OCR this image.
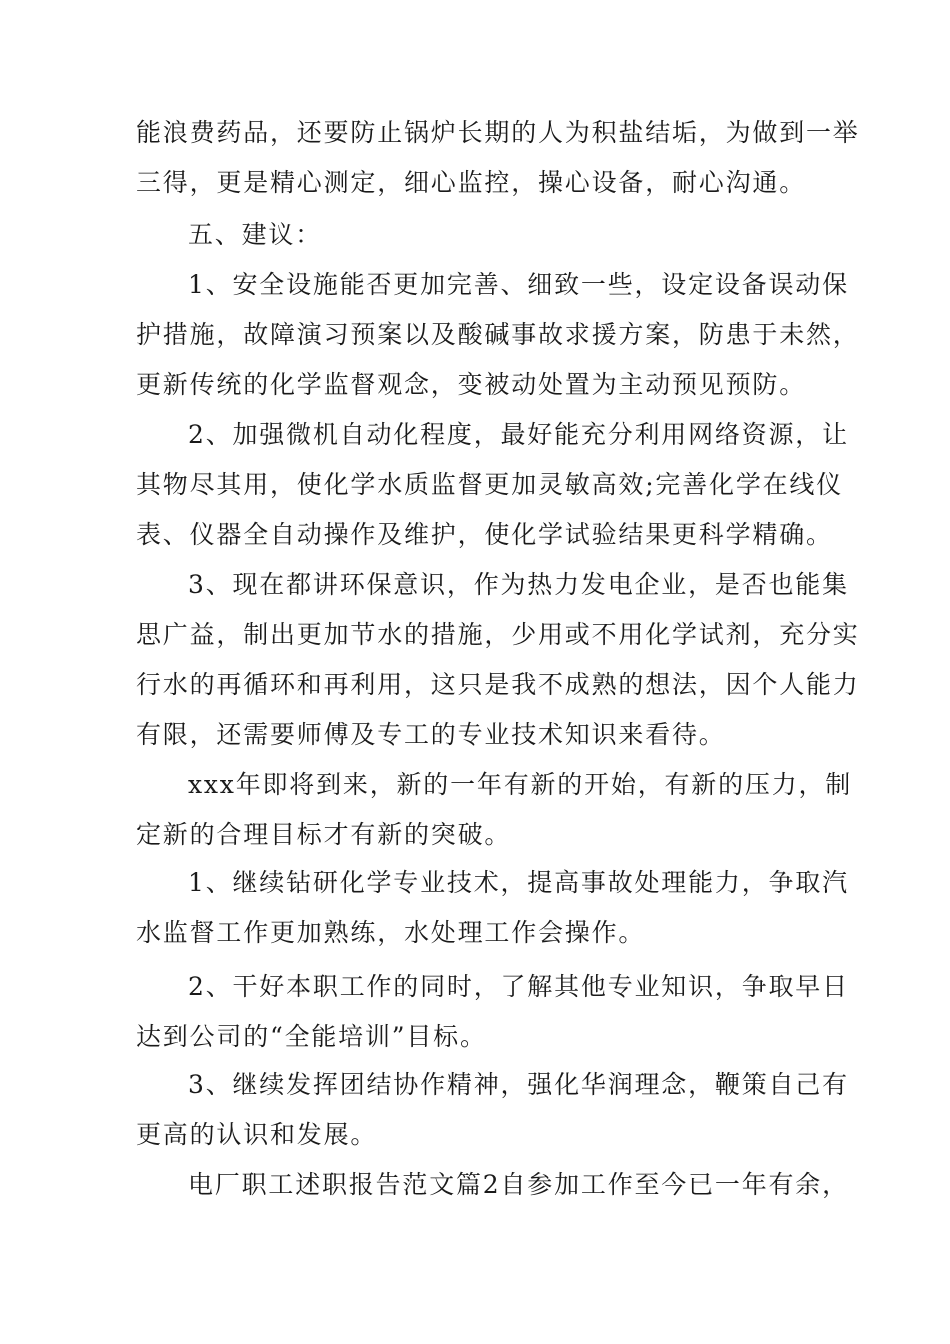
能浪费药品，还要防止锅炉长期的人为积盐结垢，为做到一举
三得，更是精心测定，细心监控，操心设备，耐心沟通。
五、建议：
1、安全设施能否更加完善、细致一些，设定设备误动保
护措施，故障演习预案以及酸碱事故求援方案，防患于未然，
更新传统的化学监督观念，变被动处置为主动预见预防。
2、加强微机自动化程度，最好能充分利用网络资源，让
其物尽其用，使化学水质监督更加灵敏高效;完善化学在线仪
表、仪器全自动操作及维护，使化学试验结果更科学精确。
3、现在都讲环保意识，作为热力发电企业，是否也能集
思广益，制出更加节水的措施，少用或不用化学试剂，充分实
行水的再循环和再利用，这只是我不成熟的想法，因个人能力
有限，还需要师傅及专工的专业技术知识来看待。
xxx年即将到来，新的一年有新的开始，有新的压力，制
定新的合理目标才有新的突破。
1、继续钻研化学专业技术，提高事故处理能力，争取汽
水监督工作更加熟练，水处理工作会操作。
2、干好本职工作的同时，了解其他专业知识，争取早日
达到公司的“全能培训”目标。
3、继续发挥团结协作精神，强化华润理念，鞭策自己有
更高的认识和发展。
电厂职工述职报告范文篇2自参加工作至今已一年有余，
